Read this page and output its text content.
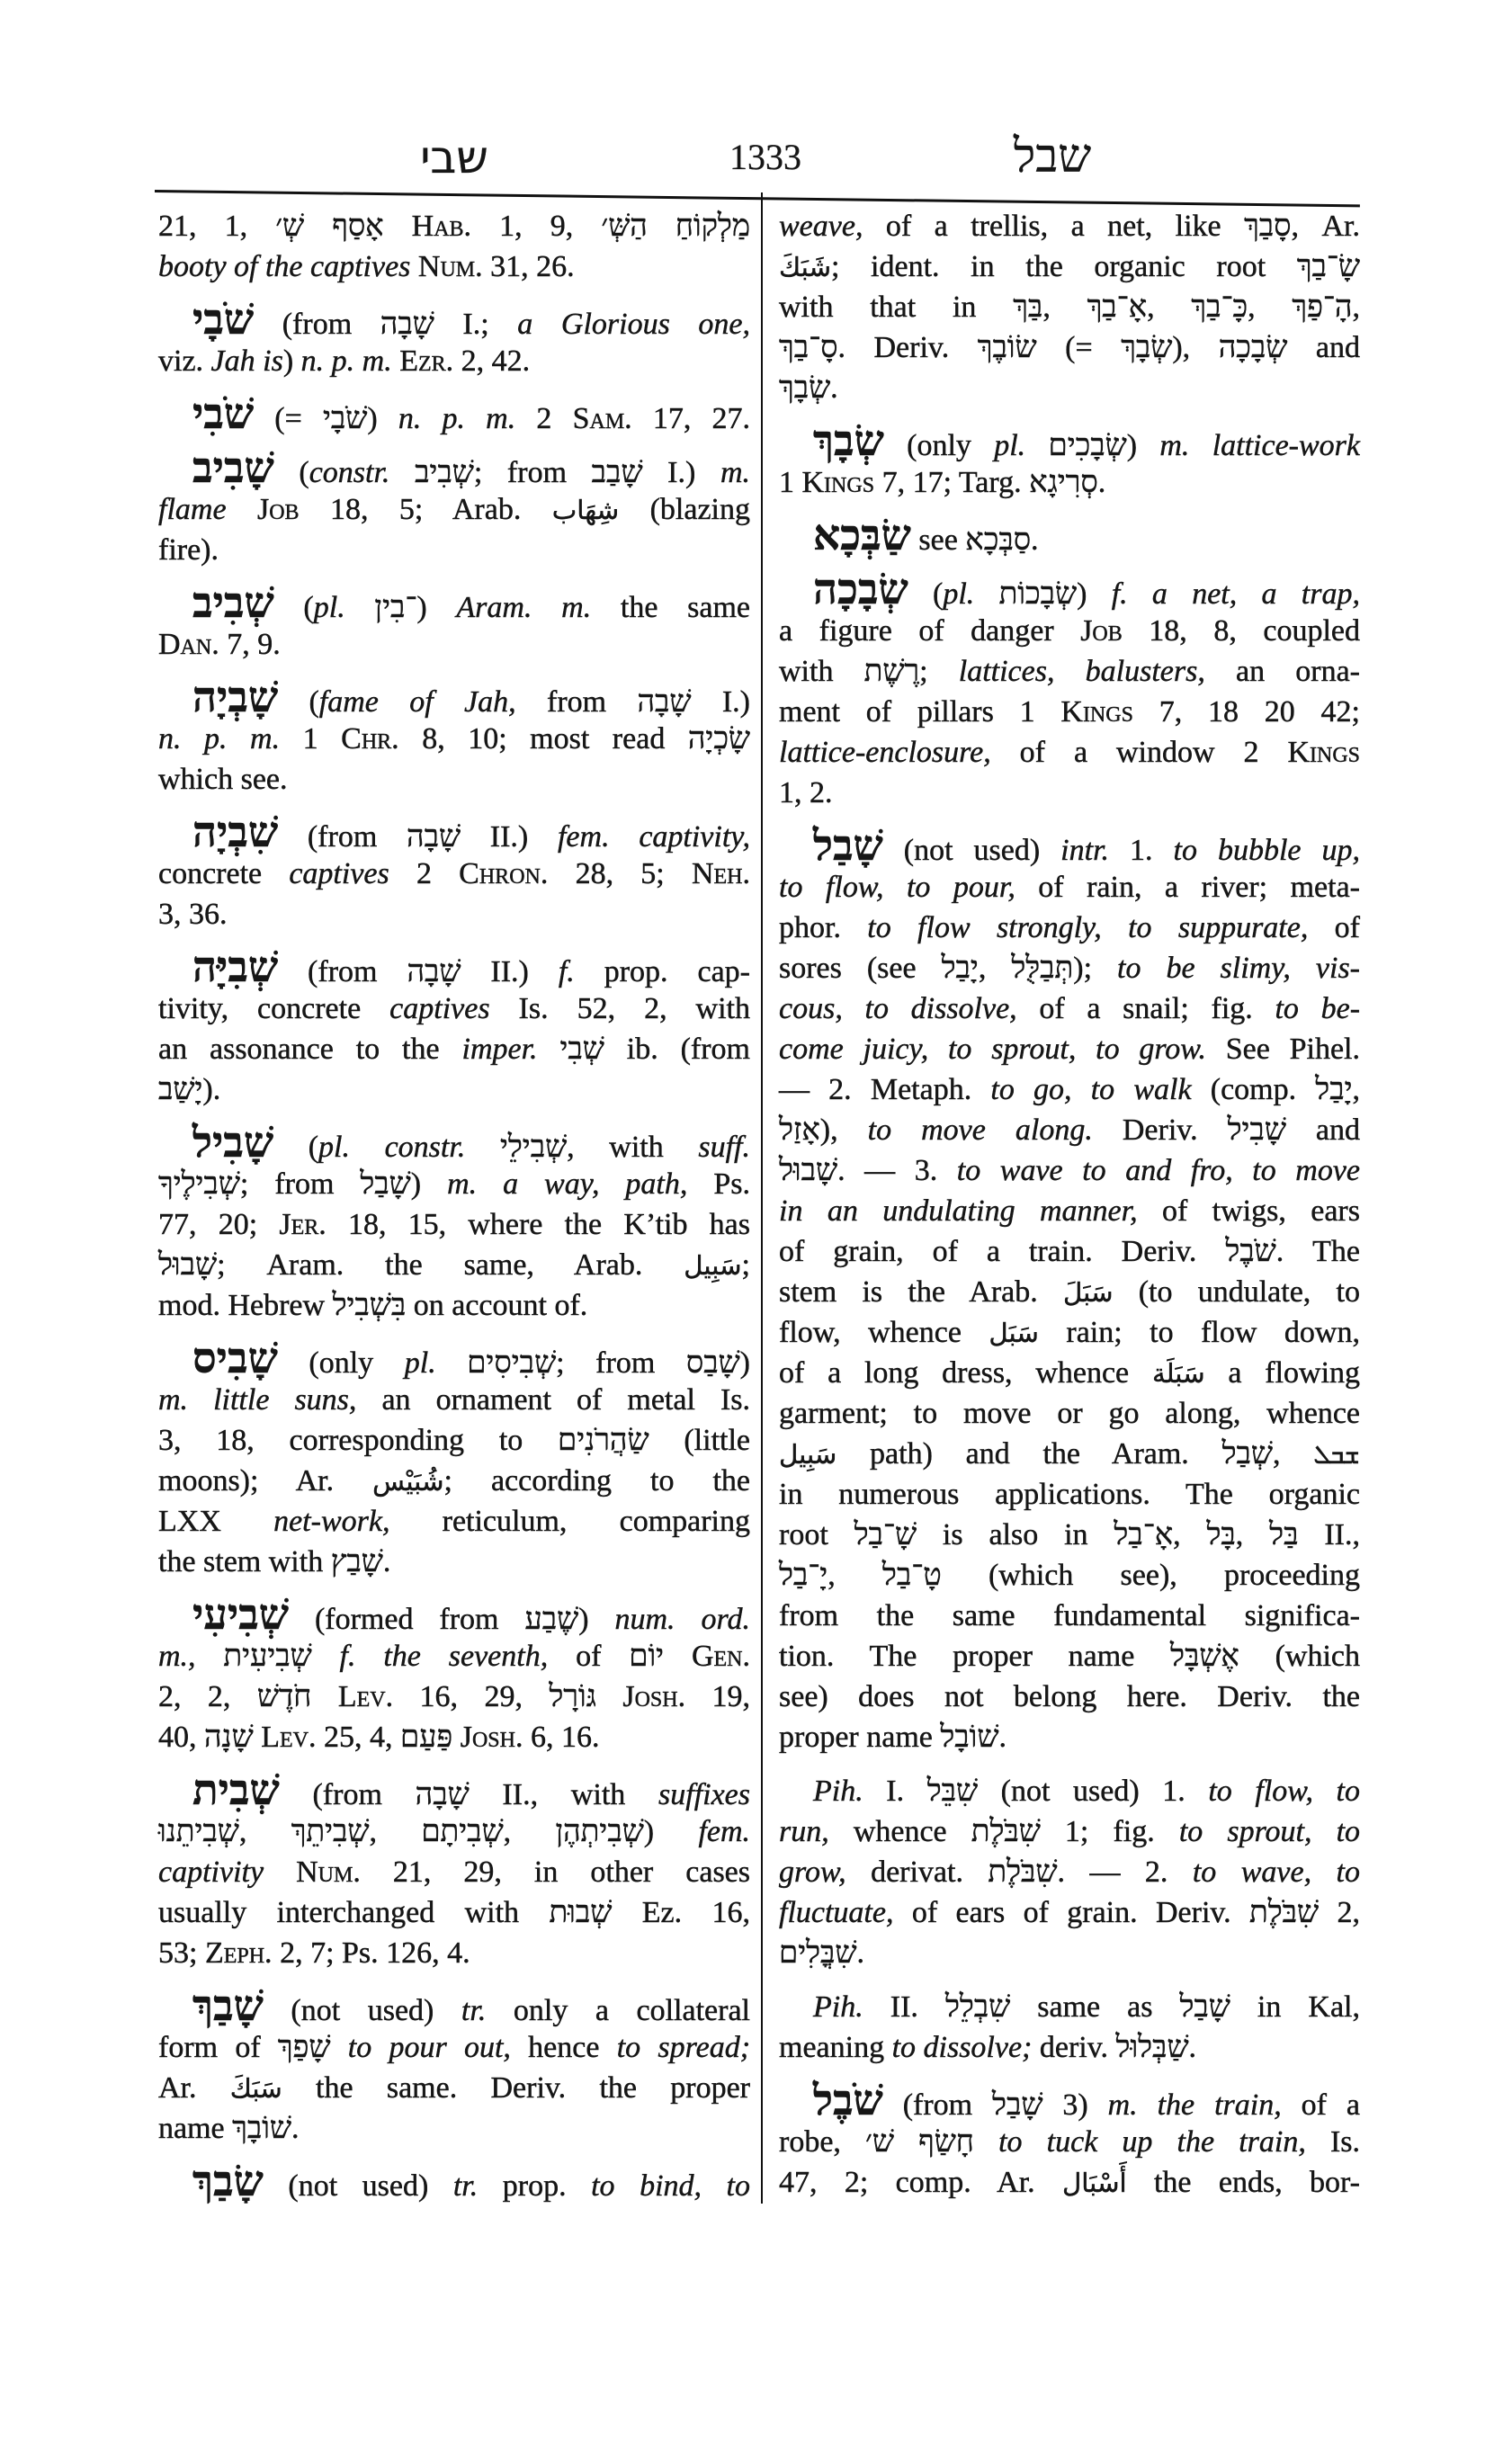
שבי	1333	שבל
21, 1, אָסַף שְׁ׳ Hab. 1, 9, מַלְקוֹחַ הַשְּׁ׳
booty of the captives Num. 31, 26.
שֹׁבָי (from שָׁבָה I.; a Glorious one,
viz. Jah is) n. p. m. Ezr. 2, 42.
שֹׁבִי (= שֹׁבָי) n. p. m. 2 Sam. 17, 27.
שָׁבִיב (constr. שְׁבִיב; from שָׁבַב I.) m.
flame Job 18, 5; Arab. شِهَاب (blazing
fire).
שְׁבִיב (pl. ־בִין) Aram. m. the same
Dan. 7, 9.
שָׁבְיָה (fame of Jah, from שָׁבָה I.)
n. p. m. 1 Chr. 8, 10; most read שָׂכְיָה
which see.
שִׁבְיָה (from שָׁבָה II.) fem. captivity,
concrete captives 2 Chron. 28, 5; Neh.
3, 36.
שְׁבִיָּה (from שָׁבָה II.) f. prop. cap-
tivity, concrete captives Is. 52, 2, with
an assonance to the imper. שְׁבִי ib. (from
יָשַׁב).
שָׁבִיל (pl. constr. שְׁבִילֵי, with suff.
שְׁבִילֶיךָ; from שָׁבַל) m. a way, path, Ps.
77, 20; Jer. 18, 15, where the K’tib has
שָׁבוּל; Aram. the same, Arab. سَبِيل;
mod. Hebrew בִּשְׁבִיל on account of.
שָׁבִיס (only pl. שְׁבִיסִים; from שָׁבַס)
m. little suns, an ornament of metal Is.
3, 18, corresponding to שַׂהֲרֹנִים (little
moons); Ar. شُبَيْس; according to the
LXX net-work, reticulum, comparing
the stem with שָׁבַץ.
שְׁבִיעִי (formed from שֶׁבַע) num. ord.
m., שְׁבִיעִית f. the seventh, of יוֹם Gen.
2, 2, חֹדֶשׁ Lev. 16, 29, גּוֹרָל Josh. 19,
40, שָׁנָה Lev. 25, 4, פַּעַם Josh. 6, 16.
שְׁבִית (from שָׁבָה II., with suffixes
שְׁבִיתֵנוּ, שְׁבִיתֵךְ, שְׁבִיתָם, שְׁבִיתְהֶן) fem.
captivity Num. 21, 29, in other cases
usually interchanged with שְׁבוּת Ez. 16,
53; Zeph. 2, 7; Ps. 126, 4.
שָׁבַךְ (not used) tr. only a collateral
form of שָׁפַךְ to pour out, hence to spread;
Ar. سَبَكَ the same. Deriv. the proper
name שׁוֹבָךְ.
שָׂבַךְ (not used) tr. prop. to bind, to
weave, of a trellis, a net, like סָבַךְ, Ar.
شَبَكَ; ident. in the organic root שָׂ־בַךְ
with that in בַּךְ, אָ־בַךְ, כָּ־בַךְ, הָ־פַךְ,
סָ־בַךְ. Deriv. שׂוֹבֶךְ (= שְׂבָךְ), שְׂבָכָה and
שְׂבָךְ.
שְׂבָךְ (only pl. שְׂבָכִים) m. lattice-work
1 Kings 7, 17; Targ. סְרִיגָא.
שַׂבְּכָא see סַבְּכָא.
שְׂבָכָה (pl. שְׂבָכוֹת) f. a net, a trap,
a figure of danger Job 18, 8, coupled
with רֶשֶׁת; lattices, balusters, an orna-
ment of pillars 1 Kings 7, 18 20 42;
lattice-enclosure, of a window 2 Kings
1, 2.
שָׁבַל (not used) intr. 1. to bubble up,
to flow, to pour, of rain, a river; meta-
phor. to flow strongly, to suppurate, of
sores (see יָבַל, תְּבַלֻּל); to be slimy, vis-
cous, to dissolve, of a snail; fig. to be-
come juicy, to sprout, to grow. See Pihel.
— 2. Metaph. to go, to walk (comp. יָבַל,
אָזַל), to move along. Deriv. שָׁבִיל and
שָׁבוּל. — 3. to wave to and fro, to move
in an undulating manner, of twigs, ears
of grain, of a train. Deriv. שֹׁבֶל. The
stem is the Arab. سَبَلَ (to undulate, to
flow, whence سَبَل rain; to flow down,
of a long dress, whence سَبَلَة a flowing
garment; to move or go along, whence
سَبِيل path) and the Aram. שְׁבַל, ܫܒܠ
in numerous applications. The organic
root שָׁ־בַל is also in אָ־בַל, בָּל, בַּל II.,
יָ־בַל, טָ־בַל (which see), proceeding
from the same fundamental significa-
tion. The proper name אֶשְׁבָּל (which
see) does not belong here. Deriv. the
proper name שׁוֹבָל.
Pih. I. שִׁבֵּל (not used) 1. to flow, to
run, whence שִׁבֹּלֶת 1; fig. to sprout, to
grow, derivat. שִׁבֹּלֶת. — 2. to wave, to
fluctuate, of ears of grain. Deriv. שִׁבֹּלֶת 2,
שִׁבֳּלִים.
Pih. II. שִׁבְלֵל same as שָׁבַל in Kal,
meaning to dissolve; deriv. שַׁבְּלוּל.
שֹׁבֶל (from שָׁבַל 3) m. the train, of a
robe, חָשַׂף שׁ׳ to tuck up the train, Is.
47, 2; comp. Ar. أَسْبَال the ends, bor-
